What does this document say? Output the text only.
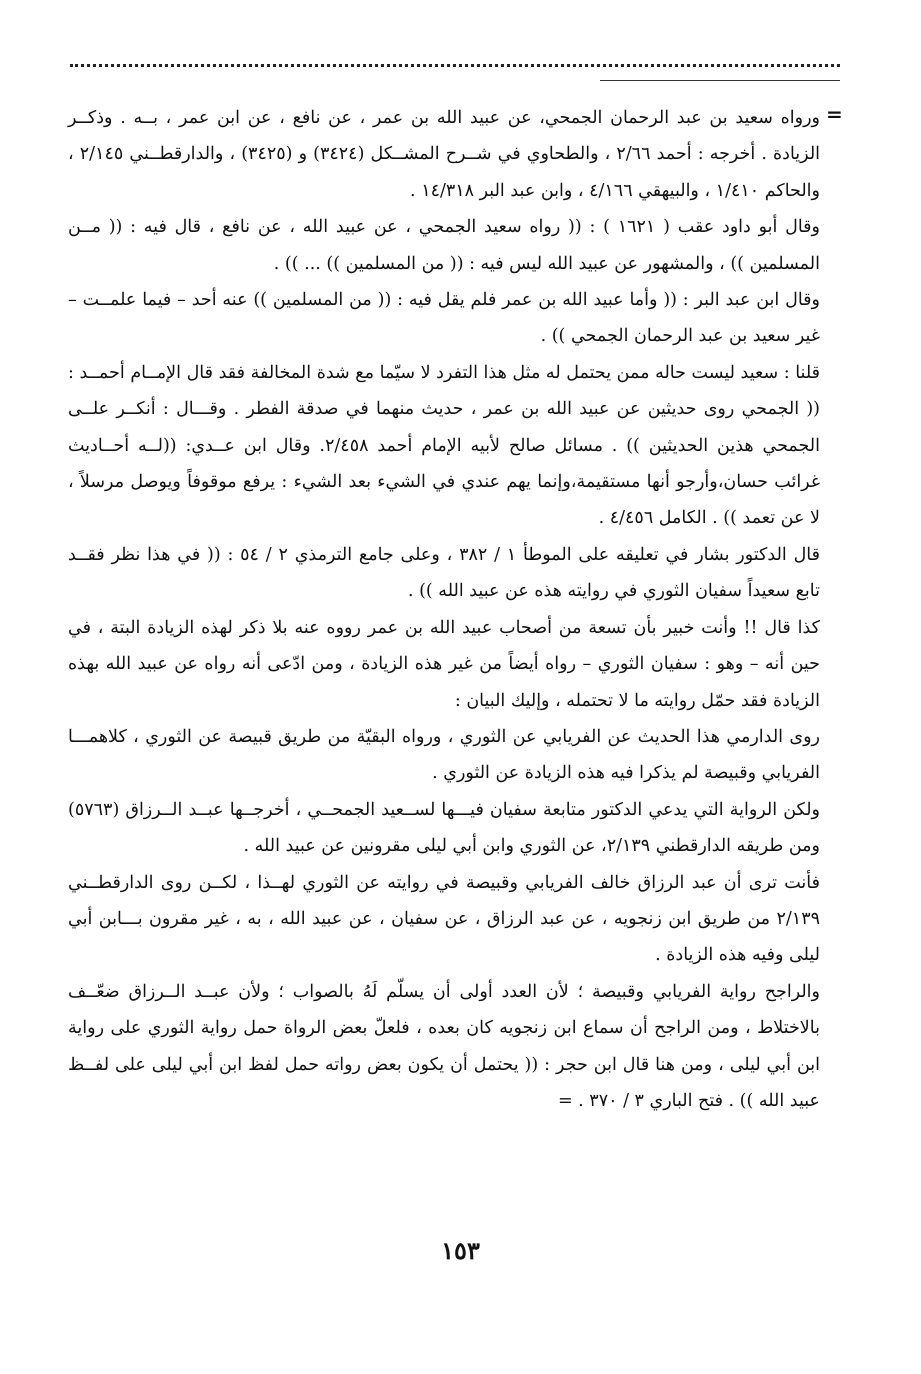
=

ورواه سعيد بن عبد الرحمان الجمحي، عن عبيد الله بن عمر ، عن نافع ، عن ابن عمر ، بــه . وذكــر الزيادة . أخرجه : أحمد ٢/٦٦ ، والطحاوي في شــرح المشــكل (٣٤٢٤) و (٣٤٢٥) ، والدارقطــني ٢/١٤٥ ، والحاكم ١/٤١٠ ، والبيهقي ٤/١٦٦ ، وابن عبد البر ١٤/٣١٨ .

وقال أبو داود عقب ( ١٦٢١ ) : (( رواه سعيد الجمحي ، عن عبيد الله ، عن نافع ، قال فيه : (( مــن المسلمين )) ، والمشهور عن عبيد الله ليس فيه : (( من المسلمين )) ... )) .

وقال ابن عبد البر : (( وأما عبيد الله بن عمر فلم يقل فيه : (( من المسلمين )) عنه أحد – فيما علمــت – غير سعيد بن عبد الرحمان الجمحي )) .

قلنا : سعيد ليست حاله ممن يحتمل له مثل هذا التفرد لا سيّما مع شدة المخالفة فقد قال الإمــام أحمــد : (( الجمحي روى حديثين عن عبيد الله بن عمر ، حديث منهما في صدقة الفطر . وقـــال : أنكــر علــى الجمحي هذين الحديثين )) . مسائل صالح لأبيه الإمام أحمد ٢/٤٥٨. وقال ابن عــدي: ((لــه أحــاديث غرائب حسان،وأرجو أنها مستقيمة،وإنما يهم عندي في الشيء بعد الشيء : يرفع موقوفاً ويوصل مرسلاً ، لا عن تعمد )) . الكامل ٤/٤٥٦ .

قال الدكتور بشار في تعليقه على الموطأ ١ / ٣٨٢ ، وعلى جامع الترمذي ٢ / ٥٤ : (( في هذا نظر فقــد تابع سعيداً سفيان الثوري في روايته هذه عن عبيد الله )) .

كذا قال !! وأنت خبير بأن تسعة من أصحاب عبيد الله بن عمر رووه عنه بلا ذكر لهذه الزيادة البتة ، في حين أنه – وهو : سفيان الثوري – رواه أيضاً من غير هذه الزيادة ، ومن ادّعى أنه رواه عن عبيد الله بهذه الزيادة فقد حمّل روايته ما لا تحتمله ، وإليك البيان :

روى الدارمي هذا الحديث عن الفريابي عن الثوري ، ورواه البقيّة من طريق قبيصة عن الثوري ، كلاهمـــا الفريابي وقبيصة لم يذكرا فيه هذه الزيادة عن الثوري .

ولكن الرواية التي يدعي الدكتور متابعة سفيان فيـــها لســعيد الجمحــي ، أخرجــها عبــد الــرزاق (٥٧٦٣) ومن طريقه الدارقطني ٢/١٣٩، عن الثوري وابن أبي ليلى مقرونين عن عبيد الله .

فأنت ترى أن عبد الرزاق خالف الفريابي وقبيصة في روايته عن الثوري لهــذا ، لكــن روى الدارقطــني ٢/١٣٩ من طريق ابن زنجويه ، عن عبد الرزاق ، عن سفيان ، عن عبيد الله ، به ، غير مقرون بـــابن أبي ليلى وفيه هذه الزيادة .

والراجح رواية الفريابي وقبيصة ؛ لأن العدد أولى أن يسلّم لَهُ بالصواب ؛ ولأن عبــد الــرزاق ضعّــف بالاختلاط ، ومن الراجح أن سماع ابن زنجويه كان بعده ، فلعلّ بعض الرواة حمل رواية الثوري على رواية ابن أبي ليلى ، ومن هنا قال ابن حجر : (( يحتمل أن يكون بعض رواته حمل لفظ ابن أبي ليلى على لفــظ عبيد الله )) . فتح الباري ٣ / ٣٧٠ . =

١٥٣
